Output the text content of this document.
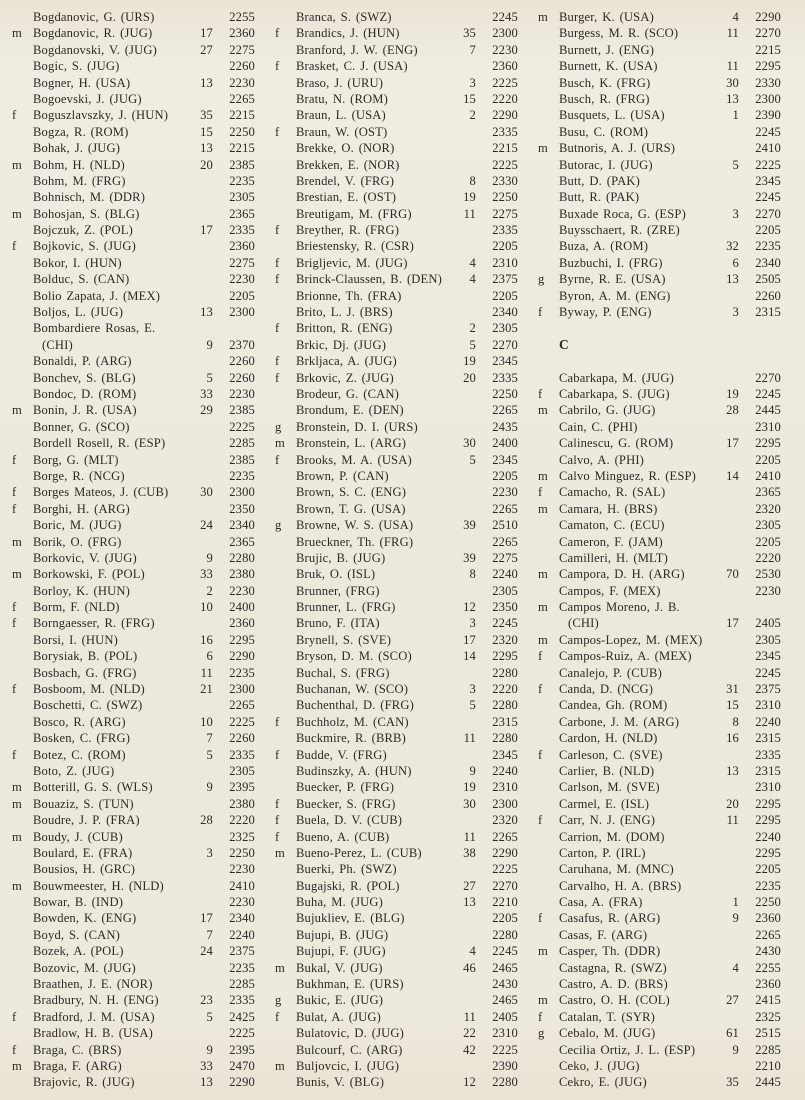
Bogdanovic, G. (URS)	2255
m Bogdanovic, R. (JUG)	17	2360
Bogdanovski, V. (JUG)	27	2275
Bogic, S. (JUG)	2260
Bogner, H. (USA)	13	2230
Bogoevski, J. (JUG)	2265
f	Boguszlavszky, J. (HUN)	35	2215
Bogza, R. (ROM)	15	2250
Bohak, J. (JUG)	13	2215
m Bohm, H. (NLD)	20	2385
Bohm, M. (FRG)	2235
Bohnisch, M. (DDR)	2305
m Bohosjan, S. (BLG)	2365
Bojczuk, Z. (POL)	17	2335
f	Bojkovic, S. (JUG)	2360
Bokor, I. (HUN)	2275
Bolduc, S. (CAN)	2230
Bolio Zapata, J. (MEX)	2205
Boljos, L. (JUG)	13	2300
Bombardiere Rosas, E.
(CHI)	9	2370
Bonaldi, P. (ARG)	2260
Bonchev, S. (BLG)	5	2260
Bondoc, D. (ROM)	33	2230
m Bonin, J. R. (USA)	29	2385
Bonner, G. (SCO)	2225
Bordell Rosell, R. (ESP)	2285
f	Borg, G. (MLT)	2385
Borge, R. (NCG)	2235
f	Borges Mateos, J. (CUB)	30	2300
f	Borghi, H. (ARG)	2350
Boric, M. (JUG)	24	2340
m Borik, O. (FRG)	2365
Borkovic, V. (JUG)	9	2280
m Borkowski, F. (POL)	33	2380
Borloy, K. (HUN)	2	2230
f	Borm, F. (NLD)	10	2400
f	Borngaesser, R. (FRG)	2360
Borsi, I. (HUN)	16	2295
Borysiak, B. (POL)	6	2290
Bosbach, G. (FRG)	11	2235
f	Bosboom, M. (NLD)	21	2300
Boschetti, C. (SWZ)	2265
Bosco, R. (ARG)	10	2225
Bosken, C. (FRG)	7	2260
f	Botez, C. (ROM)	5	2335
Boto, Z. (JUG)	2305
m Botterill, G. S. (WLS)	9	2395
m Bouaziz, S. (TUN)	2380
Boudre, J. P. (FRA)	28	2220
m Boudy, J. (CUB)	2325
Boulard, E. (FRA)	3	2250
Bousios, H. (GRC)	2230
m Bouwmeester, H. (NLD)	2410
Bowar, B. (IND)	2230
Bowden, K. (ENG)	17	2340
Boyd, S. (CAN)	7	2240
Bozek, A. (POL)	24	2375
Bozovic, M. (JUG)	2235
Braathen, J. E. (NOR)	2285
Bradbury, N. H. (ENG)	23	2335
f	Bradford, J. M. (USA)	5	2425
Bradlow, H. B. (USA)	2225
f	Braga, C. (BRS)	9	2395
m Braga, F. (ARG)	33	2470
Brajovic, R. (JUG)	13	2290
Branca, S. (SWZ)	2245
f	Brandics, J. (HUN)	35	2300
Branford, J. W. (ENG)	7	2230
f	Brasket, C. J. (USA)	2360
Braso, J. (URU)	3	2225
Bratu, N. (ROM)	15	2220
Braun, L. (USA)	2	2290
f	Braun, W. (OST)	2335
Brekke, O. (NOR)	2215
Brekken, E. (NOR)	2225
Brendel, V. (FRG)	8	2330
Brestian, E. (OST)	19	2250
Breutigam, M. (FRG)	11	2275
f	Breyther, R. (FRG)	2335
Briestensky, R. (CSR)	2205
f	Brigljevic, M. (JUG)	4	2310
f	Brinck-Claussen, B. (DEN)	4	2375
Brionne, Th. (FRA)	2205
Brito, L. J. (BRS)	2340
f	Britton, R. (ENG)	2	2305
Brkic, Dj. (JUG)	5	2270
f	Brkljaca, A. (JUG)	19	2345
f	Brkovic, Z. (JUG)	20	2335
Brodeur, G. (CAN)	2250
Brondum, E. (DEN)	2265
g	Bronstein, D. I. (URS)	2435
m Bronstein, L. (ARG)	30	2400
f	Brooks, M. A. (USA)	5	2345
Brown, P. (CAN)	2205
Brown, S. C. (ENG)	2230
Brown, T. G. (USA)	2265
g	Browne, W. S. (USA)	39	2510
Brueckner, Th. (FRG)	2265
Brujic, B. (JUG)	39	2275
Bruk, O. (ISL)	8	2240
Brunner, (FRG)	2305
Brunner, L. (FRG)	12	2350
Bruno, F. (ITA)	3	2245
Brynell, S. (SVE)	17	2320
Bryson, D. M. (SCO)	14	2295
Buchal, S. (FRG)	2280
Buchanan, W. (SCO)	3	2220
Buchenthal, D. (FRG)	5	2280
f	Buchholz, M. (CAN)	2315
Buckmire, R. (BRB)	11	2280
f	Budde, V. (FRG)	2345
Budinszky, A. (HUN)	9	2240
Buecker, P. (FRG)	19	2310
f	Buecker, S. (FRG)	30	2300
f	Buela, D. V. (CUB)	2320
f	Bueno, A. (CUB)	11	2265
m Bueno-Perez, L. (CUB)	38	2290
Buerki, Ph. (SWZ)	2225
Bugajski, R. (POL)	27	2270
Buha, M. (JUG)	13	2210
Bujukliev, E. (BLG)	2205
Bujupi, B. (JUG)	2280
Bujupi, F. (JUG)	4	2245
m Bukal, V. (JUG)	46	2465
Bukhman, E. (URS)	2430
g	Bukic, E. (JUG)	2465
f	Bulat, A. (JUG)	11	2405
Bulatovic, D. (JUG)	22	2310
Bulcourf, C. (ARG)	42	2225
m Buljovcic, I. (JUG)	2390
Bunis, V. (BLG)	12	2280
m Burger, K. (USA)	4	2290
Burgess, M. R. (SCO)	11	2270
Burnett, J. (ENG)	2215
Burnett, K. (USA)	11	2295
Busch, K. (FRG)	30	2330
Busch, R. (FRG)	13	2300
Busquets, L. (USA)	1	2390
Busu, C. (ROM)	2245
m Butnoris, A. J. (URS)	2410
Butorac, I. (JUG)	5	2225
Butt, D. (PAK)	2345
Butt, R. (PAK)	2245
Buxade Roca, G. (ESP)	3	2270
Buysschaert, R. (ZRE)	2205
Buza, A. (ROM)	32	2235
Buzbuchi, I. (FRG)	6	2340
g	Byrne, R. E. (USA)	13	2505
Byron, A. M. (ENG)	2260
f	Byway, P. (ENG)	3	2315
C
Cabarkapa, M. (JUG)	2270
f	Cabarkapa, S. (JUG)	19	2245
m Cabrilo, G. (JUG)	28	2445
Cain, C. (PHI)	2310
Calinescu, G. (ROM)	17	2295
Calvo, A. (PHI)	2205
m Calvo Minguez, R. (ESP)	14	2410
f	Camacho, R. (SAL)	2365
m Camara, H. (BRS)	2320
Camaton, C. (ECU)	2305
Cameron, F. (JAM)	2205
Camilleri, H. (MLT)	2220
m Campora, D. H. (ARG)	70	2530
Campos, F. (MEX)	2230
m Campos Moreno, J. B.
(CHI)	17	2405
m Campos-Lopez, M. (MEX)	2305
f	Campos-Ruiz, A. (MEX)	2345
Canalejo, P. (CUB)	2245
f	Canda, D. (NCG)	31	2375
Candea, Gh. (ROM)	15	2310
Carbone, J. M. (ARG)	8	2240
Cardon, H. (NLD)	16	2315
f	Carleson, C. (SVE)	2335
Carlier, B. (NLD)	13	2315
Carlson, M. (SVE)	2310
Carmel, E. (ISL)	20	2295
f	Carr, N. J. (ENG)	11	2295
Carrion, M. (DOM)	2240
Carton, P. (IRL)	2295
Caruhana, M. (MNC)	2205
Carvalho, H. A. (BRS)	2235
Casa, A. (FRA)	1	2250
f	Casafus, R. (ARG)	9	2360
Casas, F. (ARG)	2265
m Casper, Th. (DDR)	2430
Castagna, R. (SWZ)	4	2255
Castro, A. D. (BRS)	2360
m Castro, O. H. (COL)	27	2415
f	Catalan, T. (SYR)	2325
g	Cebalo, M. (JUG)	61	2515
Cecilia Ortiz, J. L. (ESP)	9	2285
Ceko, J. (JUG)	2210
Cekro, E. (JUG)	35	2445
